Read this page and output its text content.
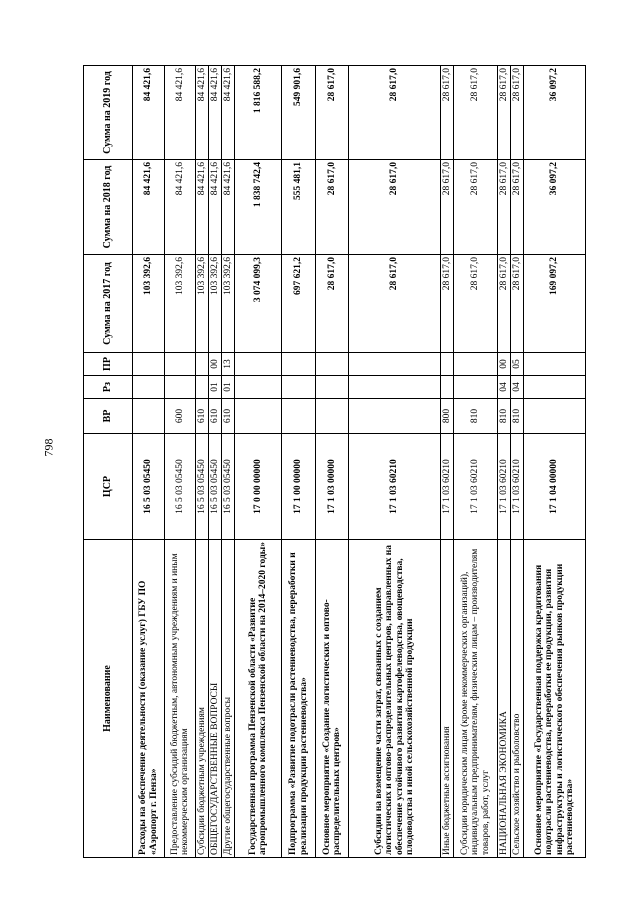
798
Наименование	ЦСР	ВР	Рз	ПР	Сумма на 2017 год	Сумма на 2018 год	Сумма на 2019 год
Расходы на обеспечение деятельности (оказание услуг) ГБУ ПО «Аэропорт г. Пенза»	16 5 03 05450				103 392,6	84 421,6	84 421,6
Предоставление субсидий бюджетным, автономным учреждениям и иным некоммерческим организациям	16 5 03 05450	600			103 392,6	84 421,6	84 421,6
Субсидии бюджетным учреждениям	16 5 03 05450	610			103 392,6	84 421,6	84 421,6
ОБЩЕГОСУДАРСТВЕННЫЕ ВОПРОСЫ	16 5 03 05450	610	01	00	103 392,6	84 421,6	84 421,6
Другие общегосударственные вопросы	16 5 03 05450	610	01	13	103 392,6	84 421,6	84 421,6
Государственная программа Пензенской области «Развитие агропромышленного комплекса Пензенской области на 2014–2020 годы»	17 0 00 00000				3 074 099,3	1 838 742,4	1 816 588,2
Подпрограмма «Развитие подотрасли растениеводства, переработки и реализации продукции растениеводства»	17 1 00 00000				697 621,2	555 481,1	549 901,6
Основное мероприятие «Создание логистических и оптово-распределительных центров»	17 1 03 00000				28 617,0	28 617,0	28 617,0
Субсидии на возмещение части затрат, связанных с созданием логистических и оптово-распределительных центров, направленных на обеспечение устойчивого развития картофелеводства, овощеводства, плодоводства и иной сельскохозяйственной продукции	17 1 03 60210				28 617,0	28 617,0	28 617,0
Иные бюджетные ассигнования	17 1 03 60210	800			28 617,0	28 617,0	28 617,0
Субсидии юридическим лицам (кроме некоммерческих организаций), индивидуальным предпринимателям, физическим лицам – производителям товаров, работ, услуг	17 1 03 60210	810			28 617,0	28 617,0	28 617,0
НАЦИОНАЛЬНАЯ ЭКОНОМИКА	17 1 03 60210	810	04	00	28 617,0	28 617,0	28 617,0
Сельское хозяйство и рыболовство	17 1 03 60210	810	04	05	28 617,0	28 617,0	28 617,0
Основное мероприятие «Государственная поддержка кредитования подотрасли растениеводства, переработки ее продукции, развития инфраструктуры и логистического обеспечения рынков продукции растениеводства»	17 1 04 00000				169 097,2	36 097,2	36 097,2
